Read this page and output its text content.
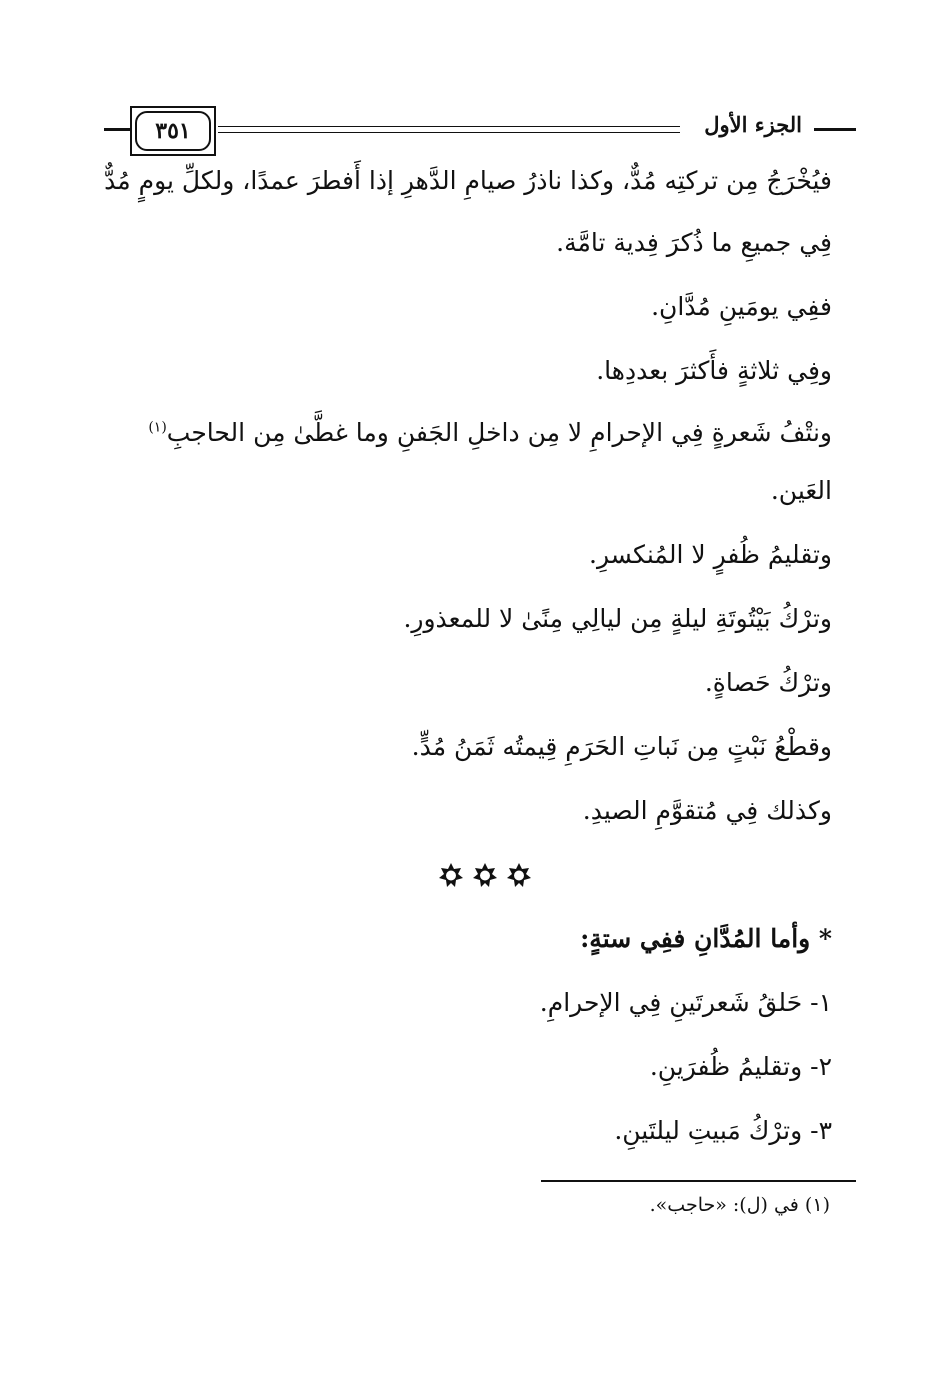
الجزء الأول
٣٥١
فيُخْرَجُ مِن تركتِه مُدٌّ، وكذا ناذرُ صيامِ الدَّهرِ إذا أَفطرَ عمدًا، ولكلِّ يومٍ مُدٌّ
فِي جميعِ ما ذُكرَ فِدية تامَّة.
ففِي يومَينِ مُدَّانِ.
وفِي ثلاثةٍ فأَكثرَ بعددِها.
ونتْفُ شَعرةٍ فِي الإحرامِ لا مِن داخلِ الجَفنِ وما غطَّىٰ مِن الحاجبِ$^{(١)}$
العَين.
وتقليمُ ظُفرٍ لا المُنكسرِ.
وترْكُ بَيْتُوتَةِ ليلةٍ مِن ليالِي مِنًىٰ لا للمعذورِ.
وترْكُ حَصاةٍ.
وقطْعُ نَبْتٍ مِن نَباتِ الحَرَمِ قِيمتُه ثَمَنُ مُدٍّ.
وكذلك فِي مُتقوَّمِ الصيدِ.
* وأما المُدَّانِ ففِي ستةٍ:
١- حَلقُ شَعرتَينِ فِي الإحرامِ.
٢- وتقليمُ ظُفرَينِ.
٣- وترْكُ مَبيتِ ليلتَينِ.
(١) في (ل): «حاجب».
